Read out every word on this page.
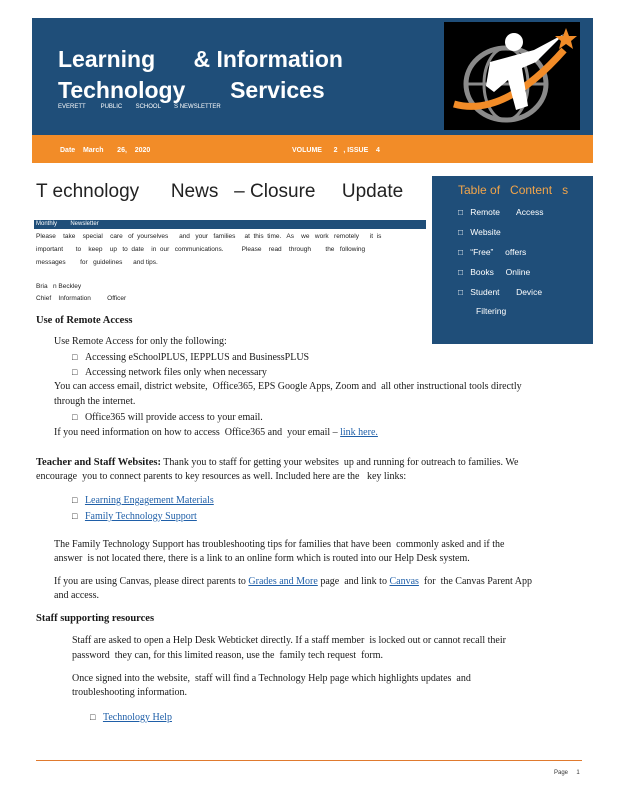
Learning      & Information
Technology       Services
EVERETT         PUBLIC        SCHOOL        S NEWSLETTER
Date    March       26,    2020	VOLUME      2   , ISSUE    4
T echnology      News   – Closure     Update
Monthly        Newsletter
Please    take    special    care   of  yourselves      and   your   families     at  this  time.   As    we   work   remotely      it  is
important       to    keep    up   to  date    in  our   communications.          Please    read    through        the   following
messages        for   guidelines      and tips.
Bria   n Beckley
Chief    Information         Officer
Table of   Content   s
□ Remote       Access
□ Website
□ “Free”     offers
□ Books     Online
□ Student       Device
Filtering
Use of Remote Access
Use Remote Access for only the following:
□ Accessing eSchoolPLUS, IEPPLUS and BusinessPLUS
□ Accessing network files only when necessary
You can access email, district website,  Office365, EPS Google Apps, Zoom and  all other instructional tools directly
through the internet.
□ Office365 will provide access to your email.
If you need information on how to access  Office365 and  your email – link here.
Teacher and Staff Websites: Thank you to staff for getting your websites  up and running for outreach to families. We
encourage  you to connect parents to key resources as well. Included here are the   key links:
□ Learning Engagement Materials
□ Family Technology Support
The Family Technology Support has troubleshooting tips for families that have been  commonly asked and if the
answer  is not located there, there is a link to an online form which is routed into our Help Desk system.
If you are using Canvas, please direct parents to Grades and More page  and link to Canvas  for  the Canvas Parent App
and access.
Staff supporting resources
Staff are asked to open a Help Desk Webticket directly. If a staff member  is locked out or cannot recall their
password  they can, for this limited reason, use the  family tech request  form.
Once signed into the website,  staff will find a Technology Help page which highlights updates  and
troubleshooting information.
□ Technology Help
Page     1
